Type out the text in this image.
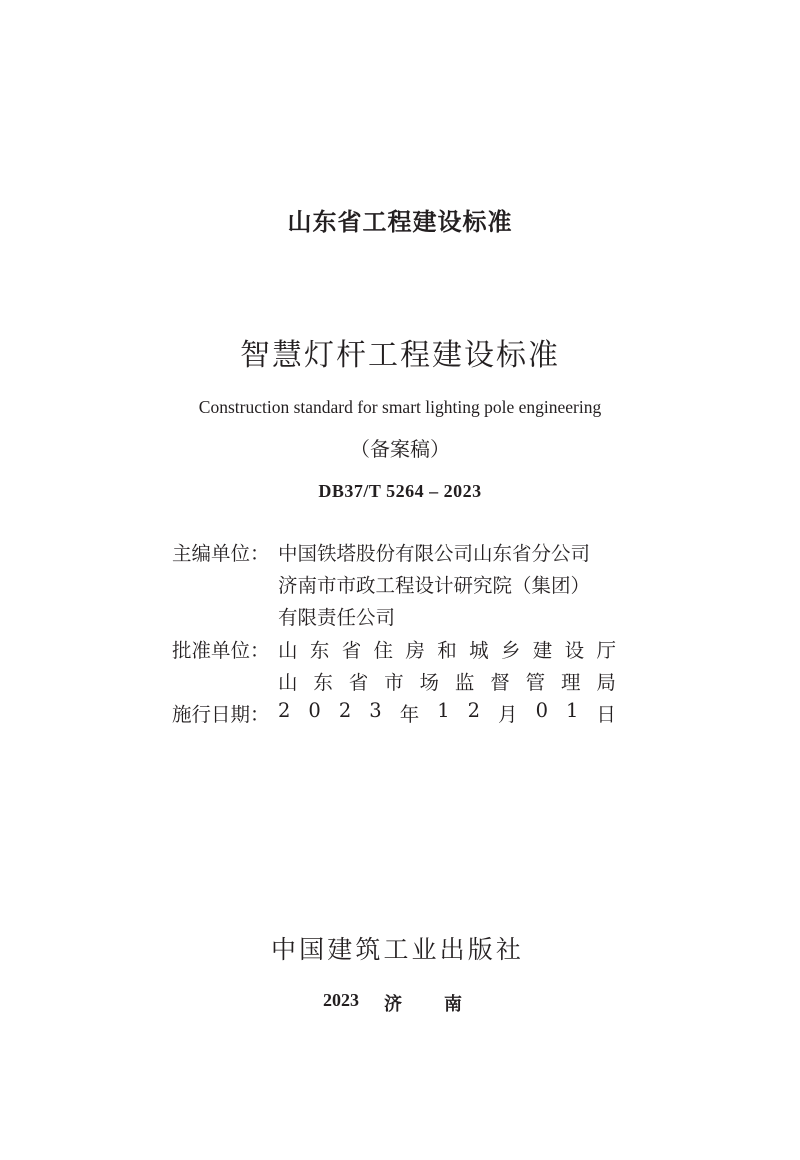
山东省工程建设标准
智慧灯杆工程建设标准
Construction standard for smart lighting pole engineering
（备案稿）
DB37/T 5264 – 2023
主编单位： 中国铁塔股份有限公司山东省分公司
济南市市政工程设计研究院（集团）
有限责任公司
批准单位： 山 东 省 住 房 和 城 乡 建 设 厅
山 东 省 市 场 监 督 管 理 局
施行日期： 2 0 2 3 年 1 2 月 0 1 日
中 国 建 筑 工 业 出 版 社
2023 济 南
